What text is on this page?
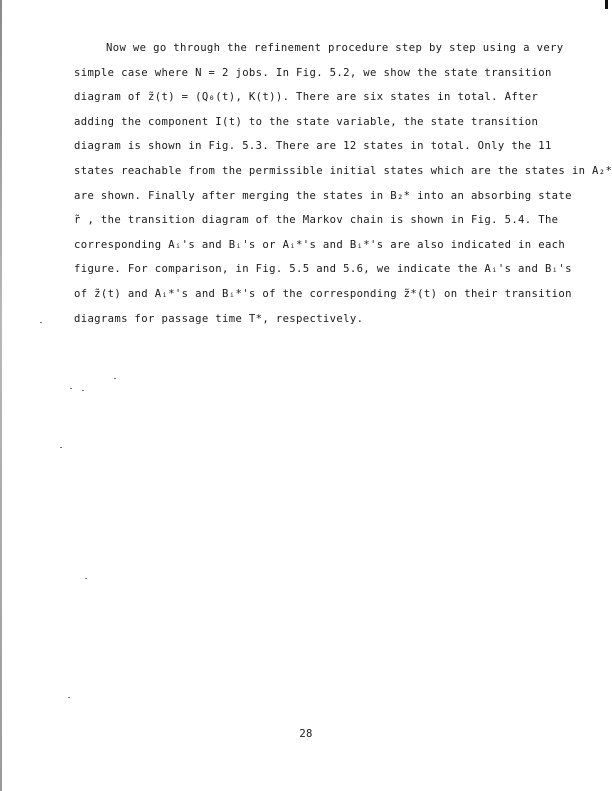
Now we go through the refinement procedure step by step using a very
simple case where N = 2 jobs. In Fig. 5.2, we show the state transition
diagram of z̃(t) = (Q₀(t), K(t)). There are six states in total. After
adding the component I(t) to the state variable, the state transition
diagram is shown in Fig. 5.3. There are 12 states in total. Only the 11
states reachable from the permissible initial states which are the states in A₂*
are shown. Finally after merging the states in B₂* into an absorbing state
r̃ , the transition diagram of the Markov chain is shown in Fig. 5.4. The
corresponding Aᵢ's and Bᵢ's or Aᵢ*'s and Bᵢ*'s are also indicated in each
figure. For comparison, in Fig. 5.5 and 5.6, we indicate the Aᵢ's and Bᵢ's
of z̃(t) and Aᵢ*'s and Bᵢ*'s of the corresponding z̃*(t) on their transition
diagrams for passage time T*, respectively.
28
